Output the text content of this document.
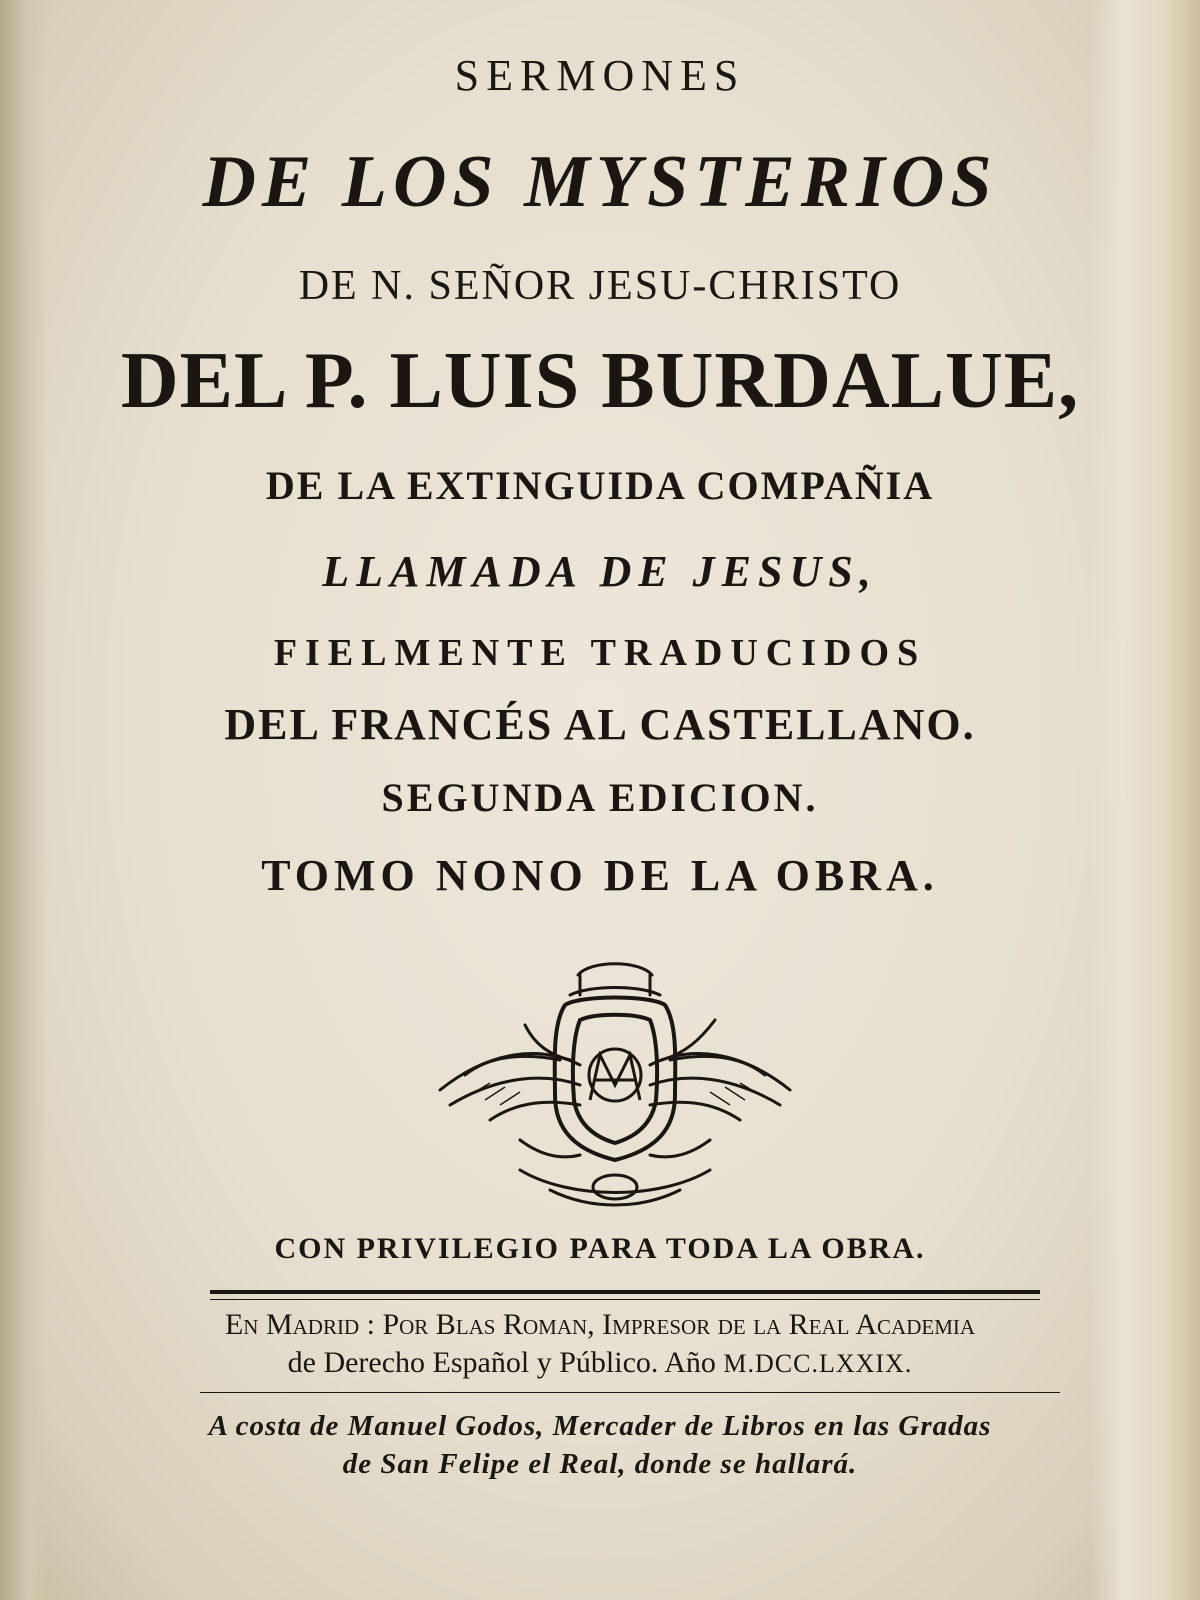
SERMONES
DE LOS MYSTERIOS
DE N. SEÑOR JESU-CHRISTO
DEL P. LUIS BURDALUE,
DE LA EXTINGUIDA COMPAÑIA
LLAMADA DE JESUS,
FIELMENTE TRADUCIDOS
DEL FRANCÉS AL CASTELLANO.
SEGUNDA EDICION.
TOMO NONO DE LA OBRA.
CON PRIVILEGIO PARA TODA LA OBRA.
En Madrid : Por Blas Roman, Impresor de la Real Academia
de Derecho Español y Público. Año M.DCC.LXXIX.
A costa de Manuel Godos, Mercader de Libros en las Gradas
de San Felipe el Real, donde se hallará.
